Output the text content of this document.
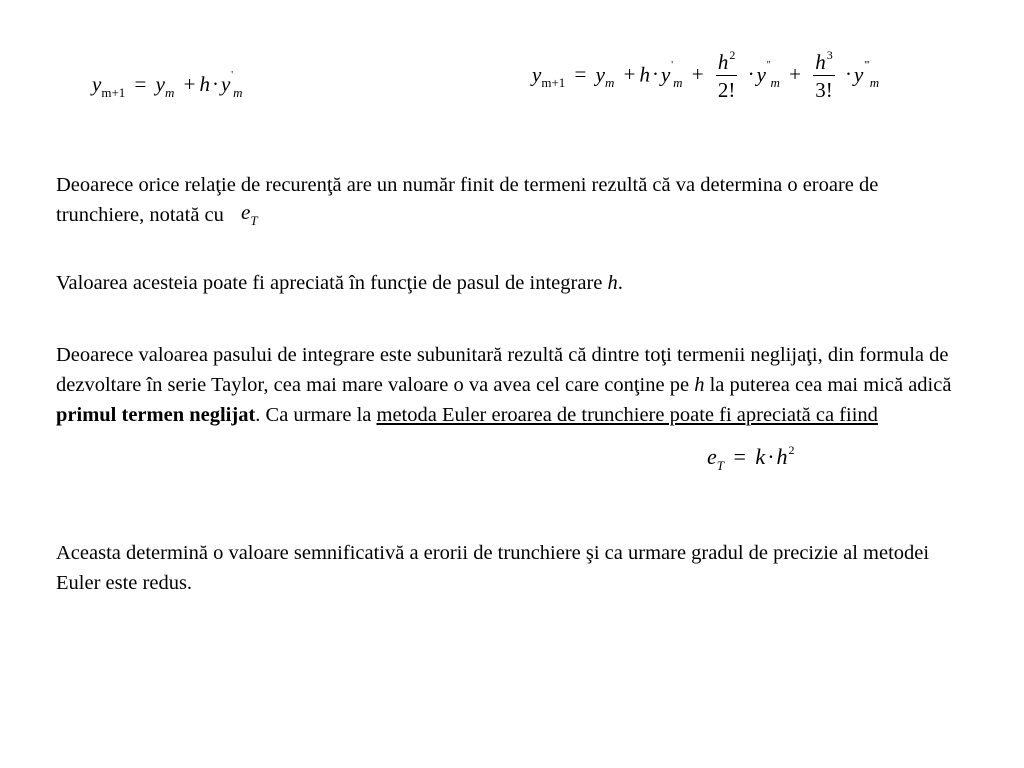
$y_{m+1} = y_m + h\cdot y'_m$
$y_{m+1} = y_m + h\cdot y'_m + \frac{h^2}{2!} \cdot y''_m + \frac{h^3}{3!} \cdot y'''_m$

Deoarece orice relaţie de recurenţă are un număr finit de termeni rezultă că va determina o eroare de trunchiere, notată cu $e_T$

Valoarea acesteia poate fi apreciată în funcţie de pasul de integrare h.

Deoarece valoarea pasului de integrare este subunitară rezultă că dintre toţi termenii neglijaţi, din formula de dezvoltare în serie Taylor, cea mai mare valoare o va avea cel care conţine pe h la puterea cea mai mică adică primul termen neglijat. Ca urmare la metoda Euler eroarea de trunchiere poate fi apreciată ca fiind

$e_T = k\cdot h^2$

Aceasta determină o valoare semnificativă a erorii de trunchiere şi ca urmare gradul de precizie al metodei Euler este redus.
